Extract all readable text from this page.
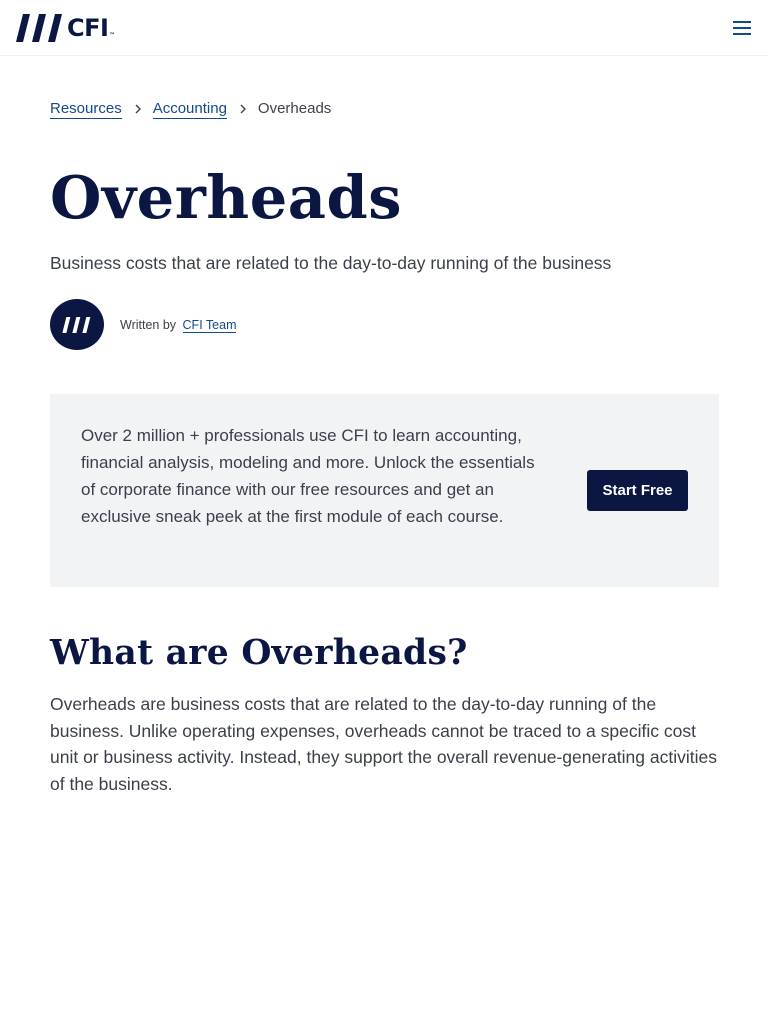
CFI ™
Resources Accounting Overheads
Overheads

Business costs that are related to the day-to-day running of the business

Written by CFI Team

Over 2 million + professionals use CFI to learn accounting, financial analysis, modeling and more. Unlock the essentials of corporate finance with our free resources and get an exclusive sneak peek at the first module of each course.

Start Free
What are Overheads?

Overheads are business costs that are related to the day-to-day running of the business. Unlike operating expenses, overheads cannot be traced to a specific cost unit or business activity. Instead, they support the overall revenue-generating activities of the business.
